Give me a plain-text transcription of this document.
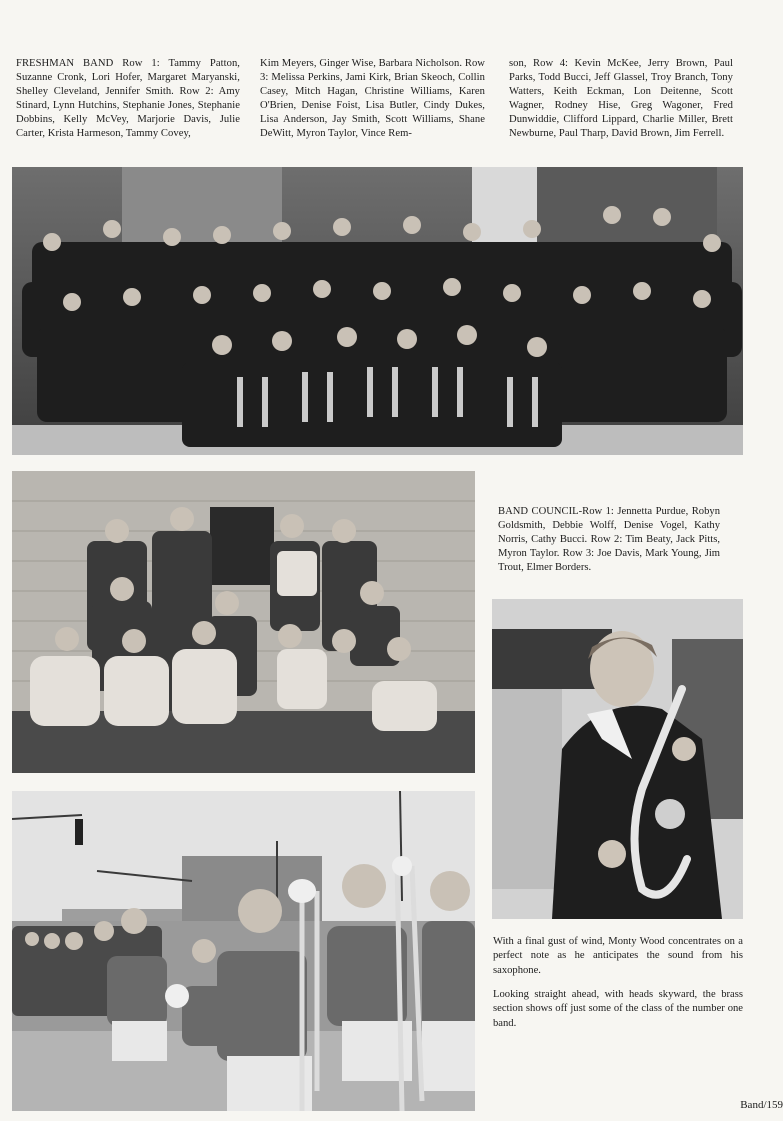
FRESHMAN BAND Row 1: Tammy Patton, Suzanne Cronk, Lori Hofer, Margaret Maryanski, Shelley Cleveland, Jennifer Smith. Row 2: Amy Stinard, Lynn Hutchins, Stephanie Jones, Stephanie Dobbins, Kelly McVey, Marjorie Davis, Julie Carter, Krista Harmeson, Tammy Covey,
Kim Meyers, Ginger Wise, Barbara Nicholson. Row 3: Melissa Perkins, Jami Kirk, Brian Skeoch, Collin Casey, Mitch Hagan, Christine Williams, Karen O'Brien, Denise Foist, Lisa Butler, Cindy Dukes, Lisa Anderson, Jay Smith, Scott Williams, Shane DeWitt, Myron Taylor, Vince Rem-
son, Row 4: Kevin McKee, Jerry Brown, Paul Parks, Todd Bucci, Jeff Glassel, Troy Branch, Tony Watters, Keith Eckman, Lon Deitenne, Scott Wagner, Rodney Hise, Greg Wagoner, Fred Dunwiddie, Clifford Lippard, Charlie Miller, Brett Newburne, Paul Tharp, David Brown, Jim Ferrell.
BAND COUNCIL-Row 1: Jennetta Purdue, Robyn Goldsmith, Debbie Wolff, Denise Vogel, Kathy Norris, Cathy Bucci. Row 2: Tim Beaty, Jack Pitts, Myron Taylor. Row 3: Joe Davis, Mark Young, Jim Trout, Elmer Borders.
With a final gust of wind, Monty Wood concentrates on a perfect note as he anticipates the sound from his saxophone.
Looking straight ahead, with heads skyward, the brass section shows off just some of the class of the number one band.
Band/159
